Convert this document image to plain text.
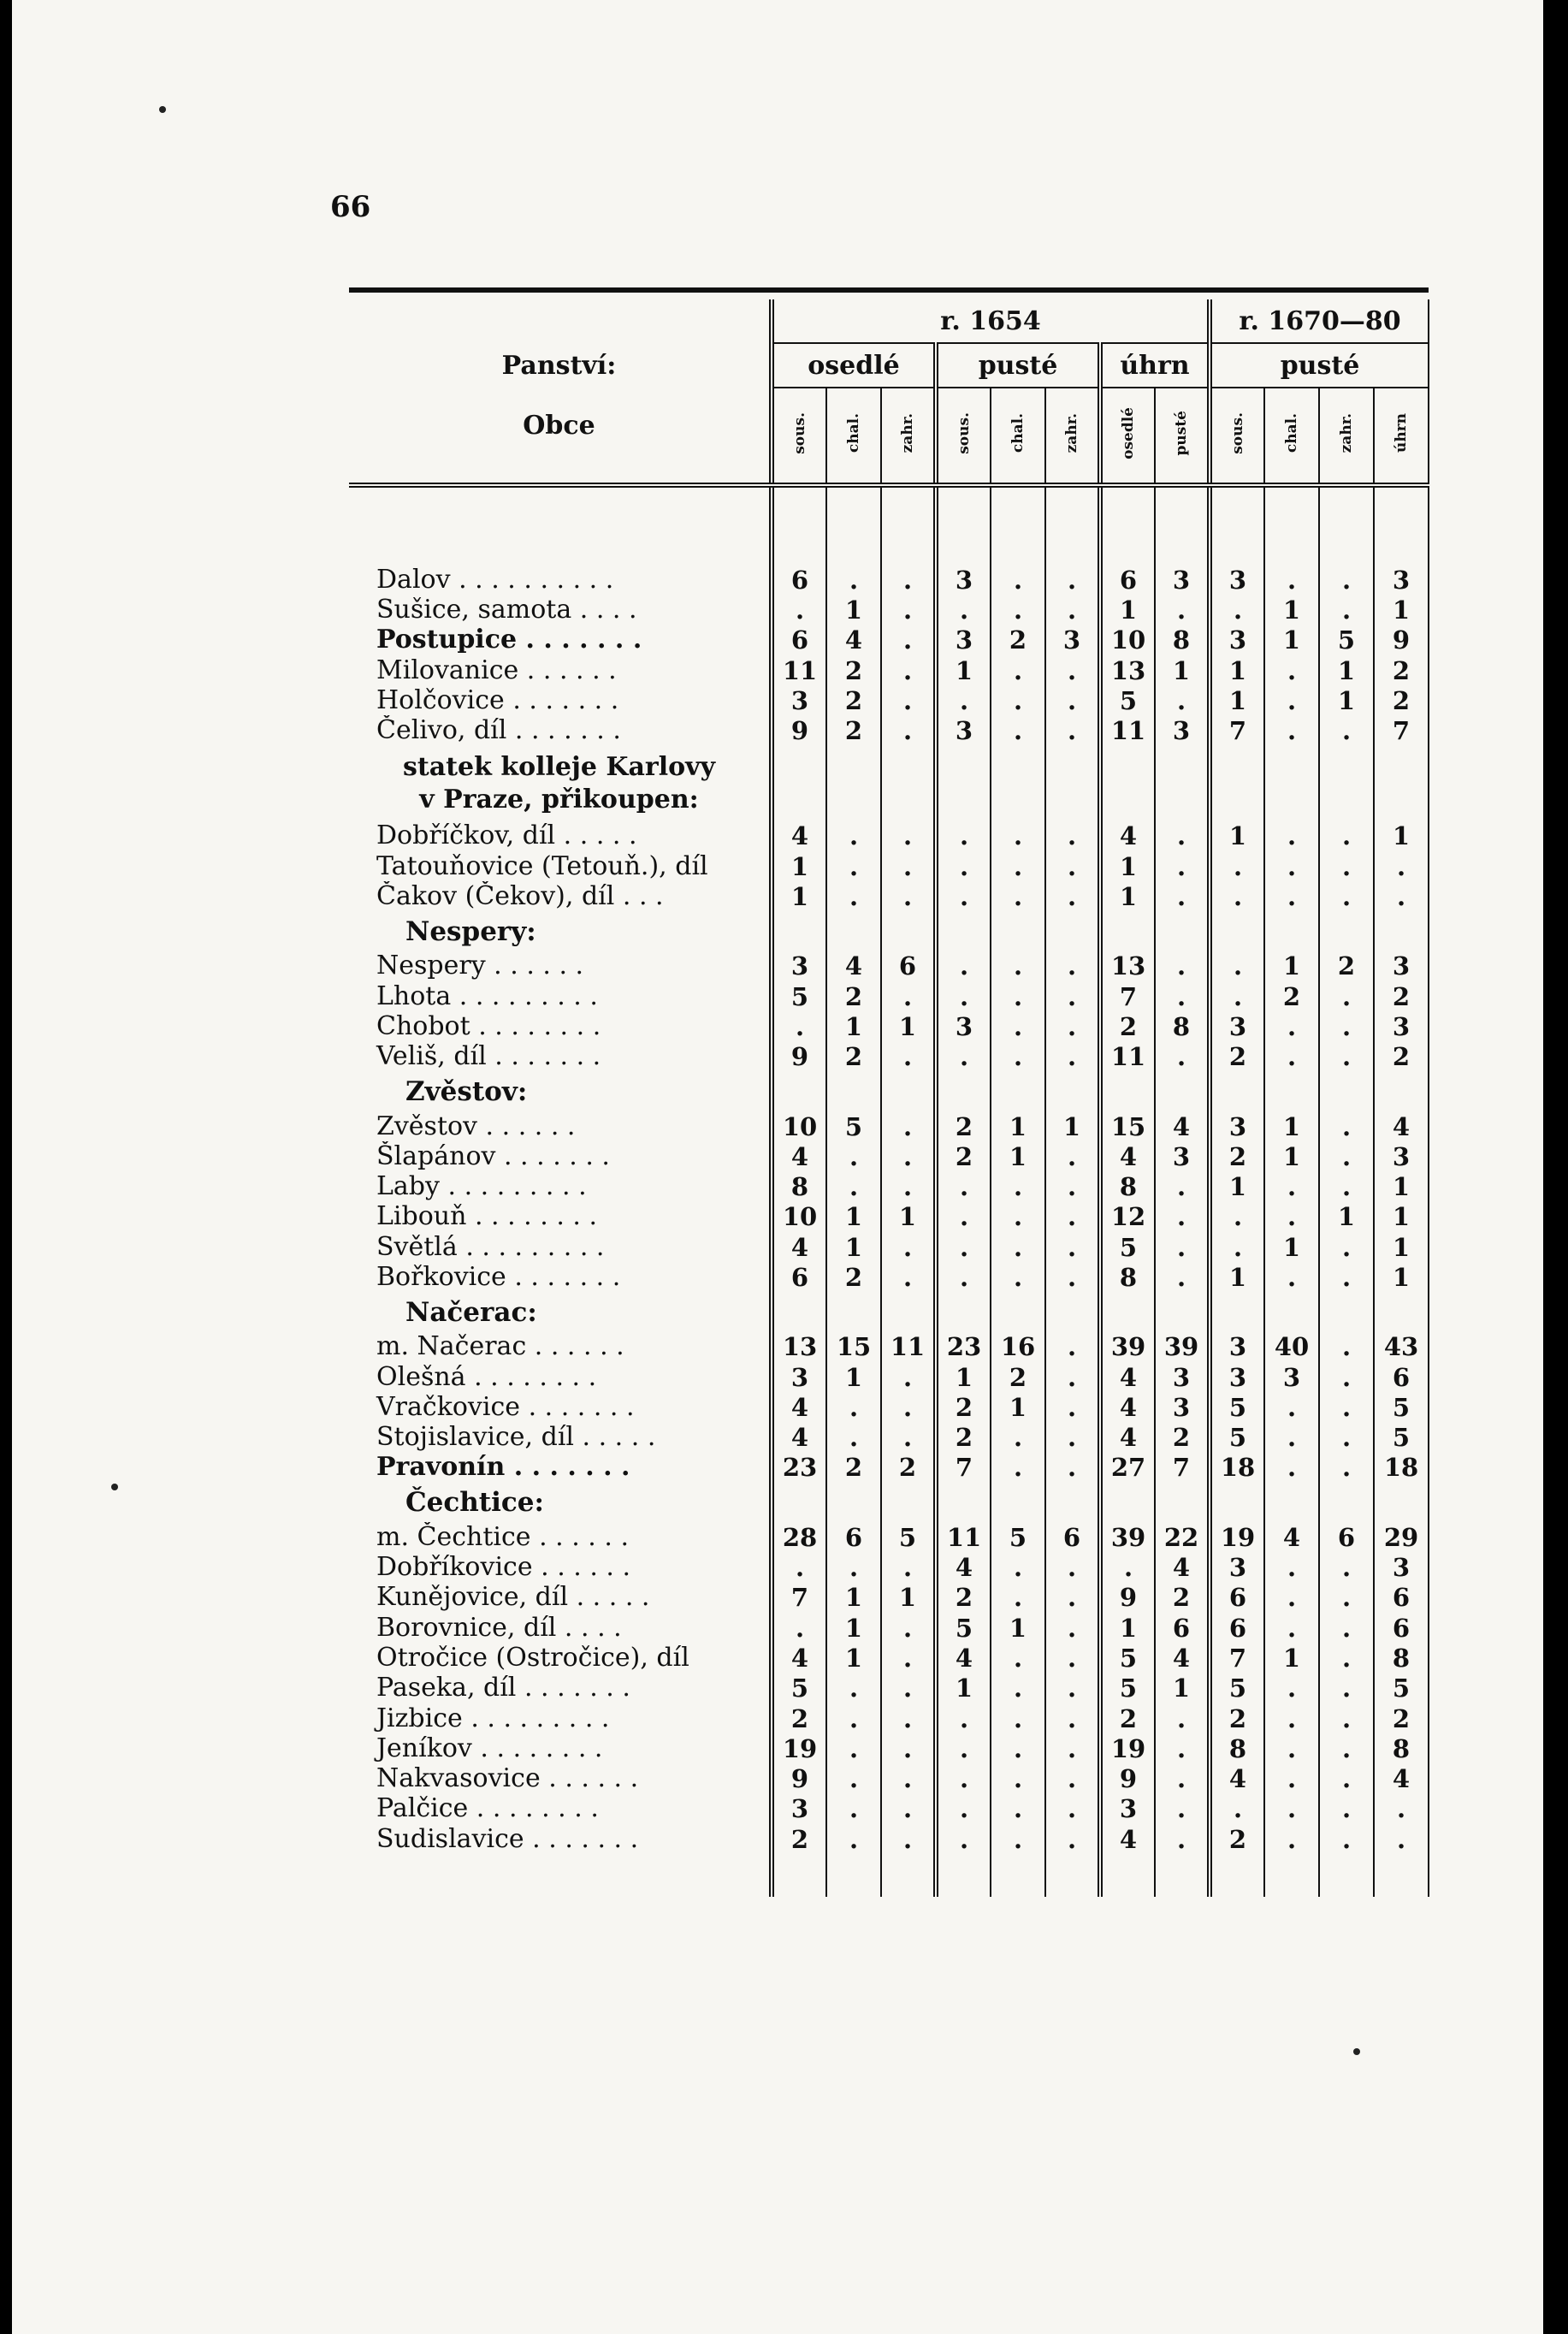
66

Panství:
Obce	r. 1654								r. 1670—80			
	osedlé			pusté			úhrn		pusté			
	sous.	chal.	zahr.	sous.	chal.	zahr.	osedlé	pusté	sous.	chal.	zahr.	úhrn

Dalov . . . . . . . . . .	6	.	.	3	.	.	6	3	3	.	.	3
Sušice, samota . . . .	.	1	.	.	.	.	1	.	.	1	.	1
Postupice . . . . . . .	6	4	.	3	2	3	10	8	3	1	5	9
Milovanice . . . . . .	11	2	.	1	.	.	13	1	1	.	1	2
Holčovice . . . . . . .	3	2	.	.	.	.	5	.	1	.	1	2
Čelivo, díl . . . . . . .	9	2	.	3	.	.	11	3	7	.	.	7
statek kolleje Karlovy
v Praze, přikoupen:												
Dobříčkov, díl . . . . .	4	.	.	.	.	.	4	.	1	.	.	1
Tatouňovice (Tetouň.), díl	1	.	.	.	.	.	1	.	.	.	.	.
Čakov (Čekov), díl . . .	1	.	.	.	.	.	1	.	.	.	.	.
Nespery:												
Nespery . . . . . .	3	4	6	.	.	.	13	.	.	1	2	3
Lhota . . . . . . . . .	5	2	.	.	.	.	7	.	.	2	.	2
Chobot . . . . . . . .	.	1	1	3	.	.	2	8	3	.	.	3
Veliš, díl . . . . . . .	9	2	.	.	.	.	11	.	2	.	.	2
Zvěstov:												
Zvěstov . . . . . .	10	5	.	2	1	1	15	4	3	1	.	4
Šlapánov . . . . . . .	4	.	.	2	1	.	4	3	2	1	.	3
Laby . . . . . . . . .	8	.	.	.	.	.	8	.	1	.	.	1
Libouň . . . . . . . .	10	1	1	.	.	.	12	.	.	.	1	1
Světlá . . . . . . . . .	4	1	.	.	.	.	5	.	.	1	.	1
Bořkovice . . . . . . .	6	2	.	.	.	.	8	.	1	.	.	1
Načerac:												
m. Načerac . . . . . .	13	15	11	23	16	.	39	39	3	40	.	43
Olešná . . . . . . . .	3	1	.	1	2	.	4	3	3	3	.	6
Vračkovice . . . . . . .	4	.	.	2	1	.	4	3	5	.	.	5
Stojislavice, díl . . . . .	4	.	.	2	.	.	4	2	5	.	.	5
Pravonín . . . . . . .	23	2	2	7	.	.	27	7	18	.	.	18
Čechtice:												
m. Čechtice . . . . . .	28	6	5	11	5	6	39	22	19	4	6	29
Dobříkovice . . . . . .	.	.	.	4	.	.	.	4	3	.	.	3
Kunějovice, díl . . . . .	7	1	1	2	.	.	9	2	6	.	.	6
Borovnice, díl . . . .	.	1	.	5	1	.	1	6	6	.	.	6
Otročice (Ostročice), díl	4	1	.	4	.	.	5	4	7	1	.	8
Paseka, díl . . . . . . .	5	.	.	1	.	.	5	1	5	.	.	5
Jizbice . . . . . . . . .	2	.	.	.	.	.	2	.	2	.	.	2
Jeníkov . . . . . . . .	19	.	.	.	.	.	19	.	8	.	.	8
Nakvasovice . . . . . .	9	.	.	.	.	.	9	.	4	.	.	4
Palčice . . . . . . . .	3	.	.	.	.	.	3	.	.	.	.	.
Sudislavice . . . . . . .	2	.	.	.	.	.	4	.	2	.	.	.
